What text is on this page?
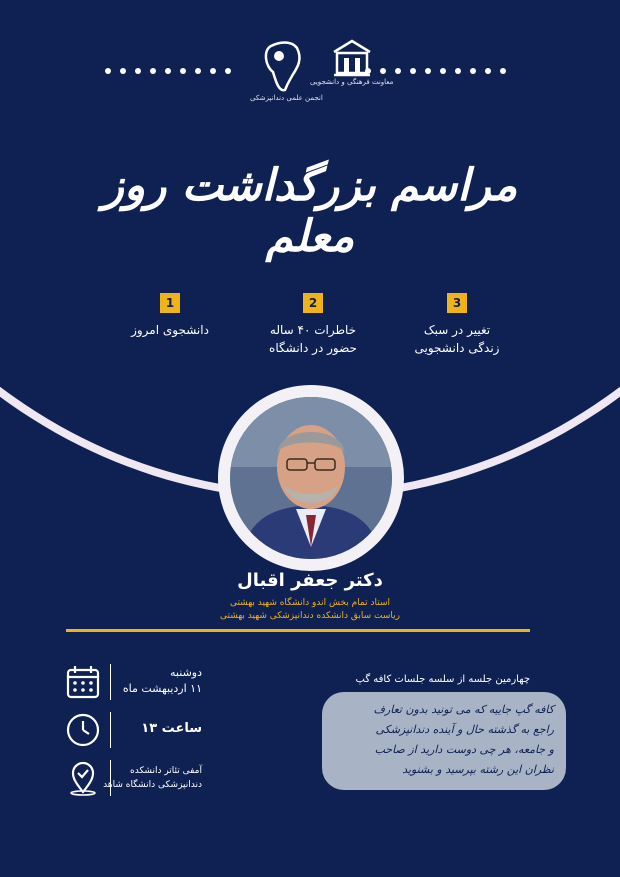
معاونت فرهنگی و دانشجویی
انجمن علمی دندانپزشکی
مراسم بزرگداشت روز معلم
1
دانشجوی امروز
2
خاطرات ۴۰ ساله
حضور در دانشگاه
3
تغییر در سبک
زندگی دانشجویی
دکتر جعفر اقبال
استاد تمام بخش اندو دانشگاه شهید بهشتی
ریاست سابق دانشکده دندانپزشکی شهید بهشتی
دوشنبه
۱۱ اردیبهشت ماه
ساعت ۱۳
آمفی تئاتر دانشکده
دندانپزشکی دانشگاه شاهد
چهارمین جلسه از سلسه جلسات کافه گپ
کافه گپ جاییه که می تونید بدون تعارف
راجع به گذشته حال و آینده دندانپزشکی
و جامعه، هر چی دوست دارید از صاحب
نظران این رشته بپرسید و بشنوید
